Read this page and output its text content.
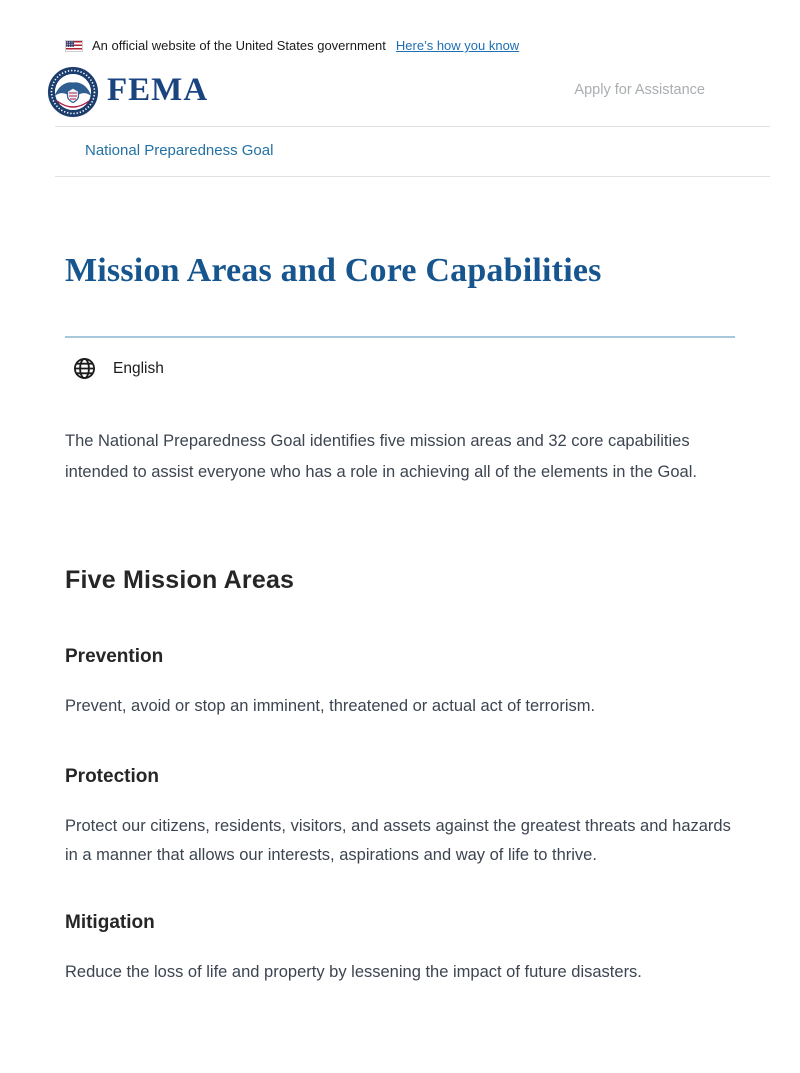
An official website of the United States government Here’s how you know
FEMA	Apply for Assistance
National Preparedness Goal
Mission Areas and Core Capabilities
English

The National Preparedness Goal identifies five mission areas and 32 core capabilities intended to assist everyone who has a role in achieving all of the elements in the Goal.

Five Mission Areas
Prevention

Prevent, avoid or stop an imminent, threatened or actual act of terrorism.

Protection

Protect our citizens, residents, visitors, and assets against the greatest threats and hazards in a manner that allows our interests, aspirations and way of life to thrive.

Mitigation

Reduce the loss of life and property by lessening the impact of future disasters.
